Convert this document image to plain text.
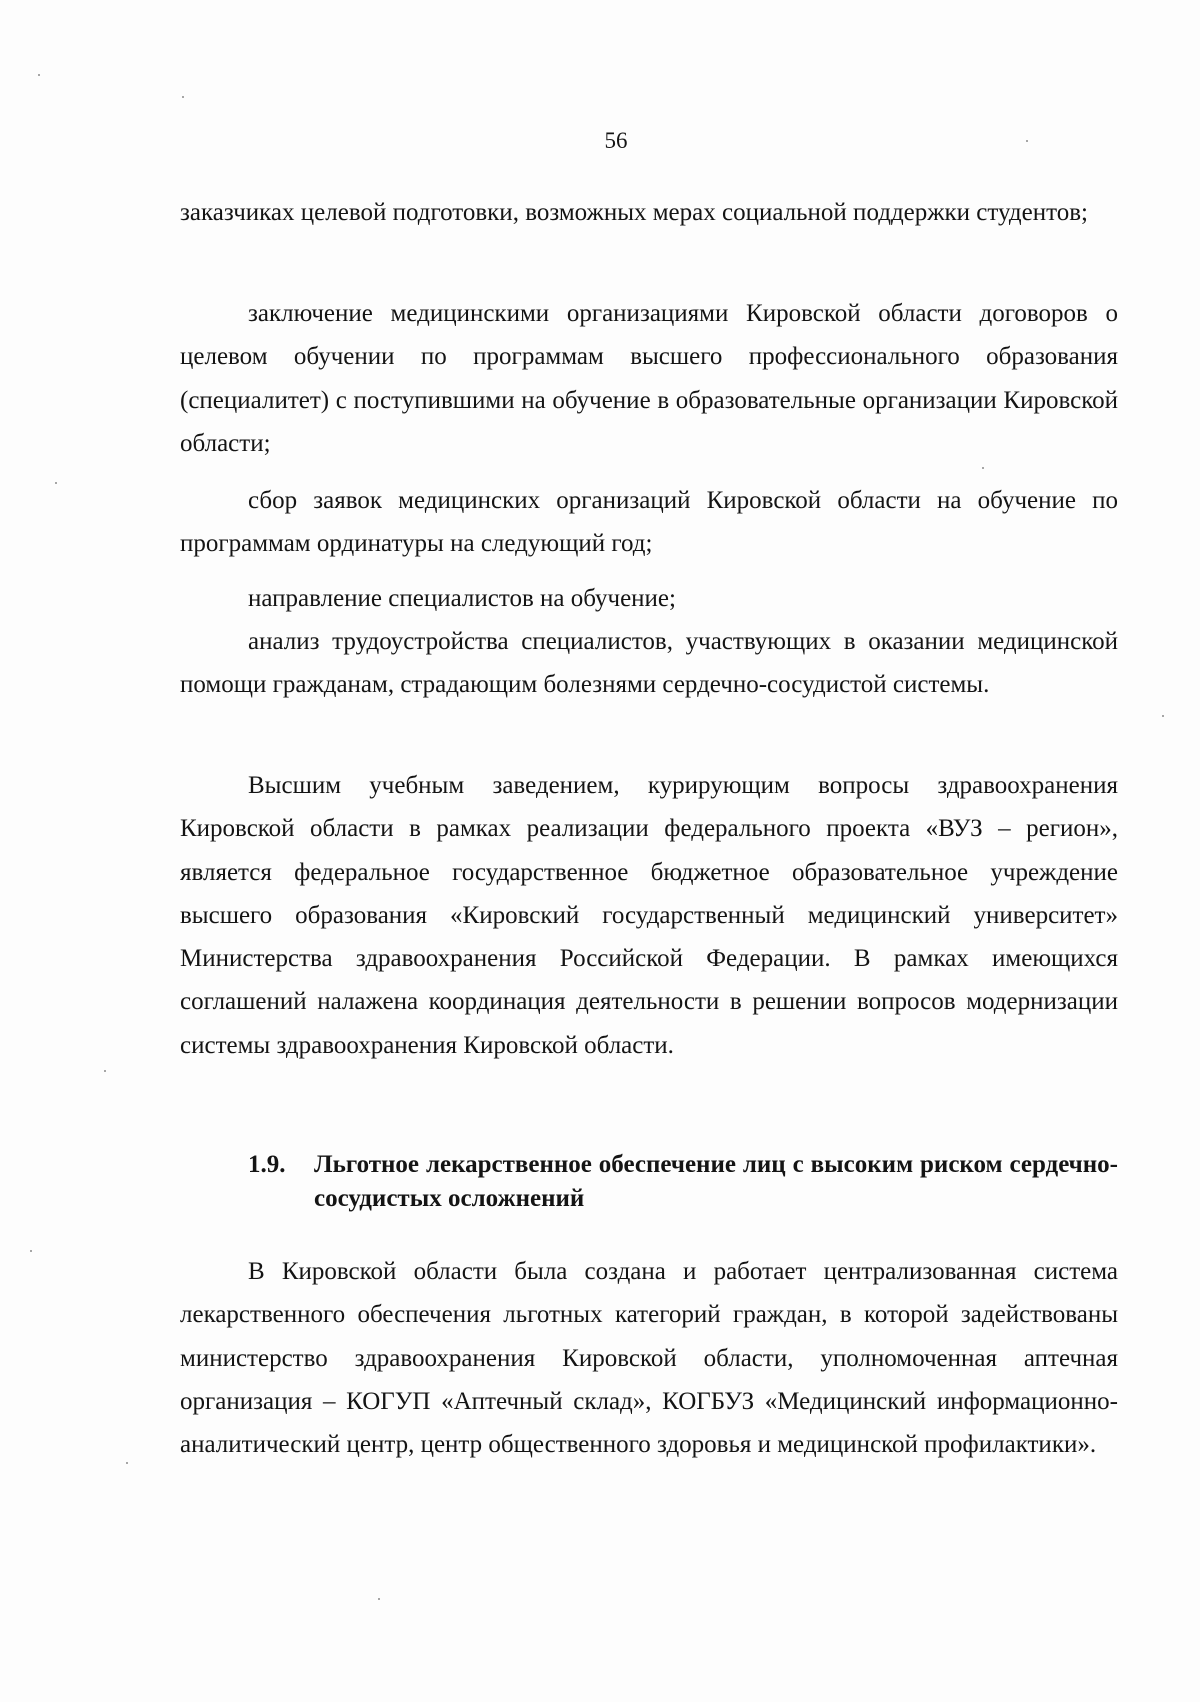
56

заказчиках целевой подготовки, возможных мерах социальной поддержки студентов;

заключение медицинскими организациями Кировской области договоров о целевом обучении по программам высшего профессионального образования (специалитет) с поступившими на обучение в образовательные организации Кировской области;

сбор заявок медицинских организаций Кировской области на обучение по программам ординатуры на следующий год;

направление специалистов на обучение;

анализ трудоустройства специалистов, участвующих в оказании медицинской помощи гражданам, страдающим болезнями сердечно-сосудистой системы.

Высшим учебным заведением, курирующим вопросы здравоохранения Кировской области в рамках реализации федерального проекта «ВУЗ – регион», является федеральное государственное бюджетное образовательное учреждение высшего образования «Кировский государственный медицинский университет» Министерства здравоохранения Российской Федерации. В рамках имеющихся соглашений налажена координация деятельности в решении вопросов модернизации системы здравоохранения Кировской области.

1.9.	Льготное лекарственное обеспечение лиц с высоким риском сердечно-сосудистых осложнений

В Кировской области была создана и работает централизованная система лекарственного обеспечения льготных категорий граждан, в которой задействованы министерство здравоохранения Кировской области, уполномоченная аптечная организация – КОГУП «Аптечный склад», КОГБУЗ «Медицинский информационно-аналитический центр, центр общественного здоровья и медицинской профилактики».
